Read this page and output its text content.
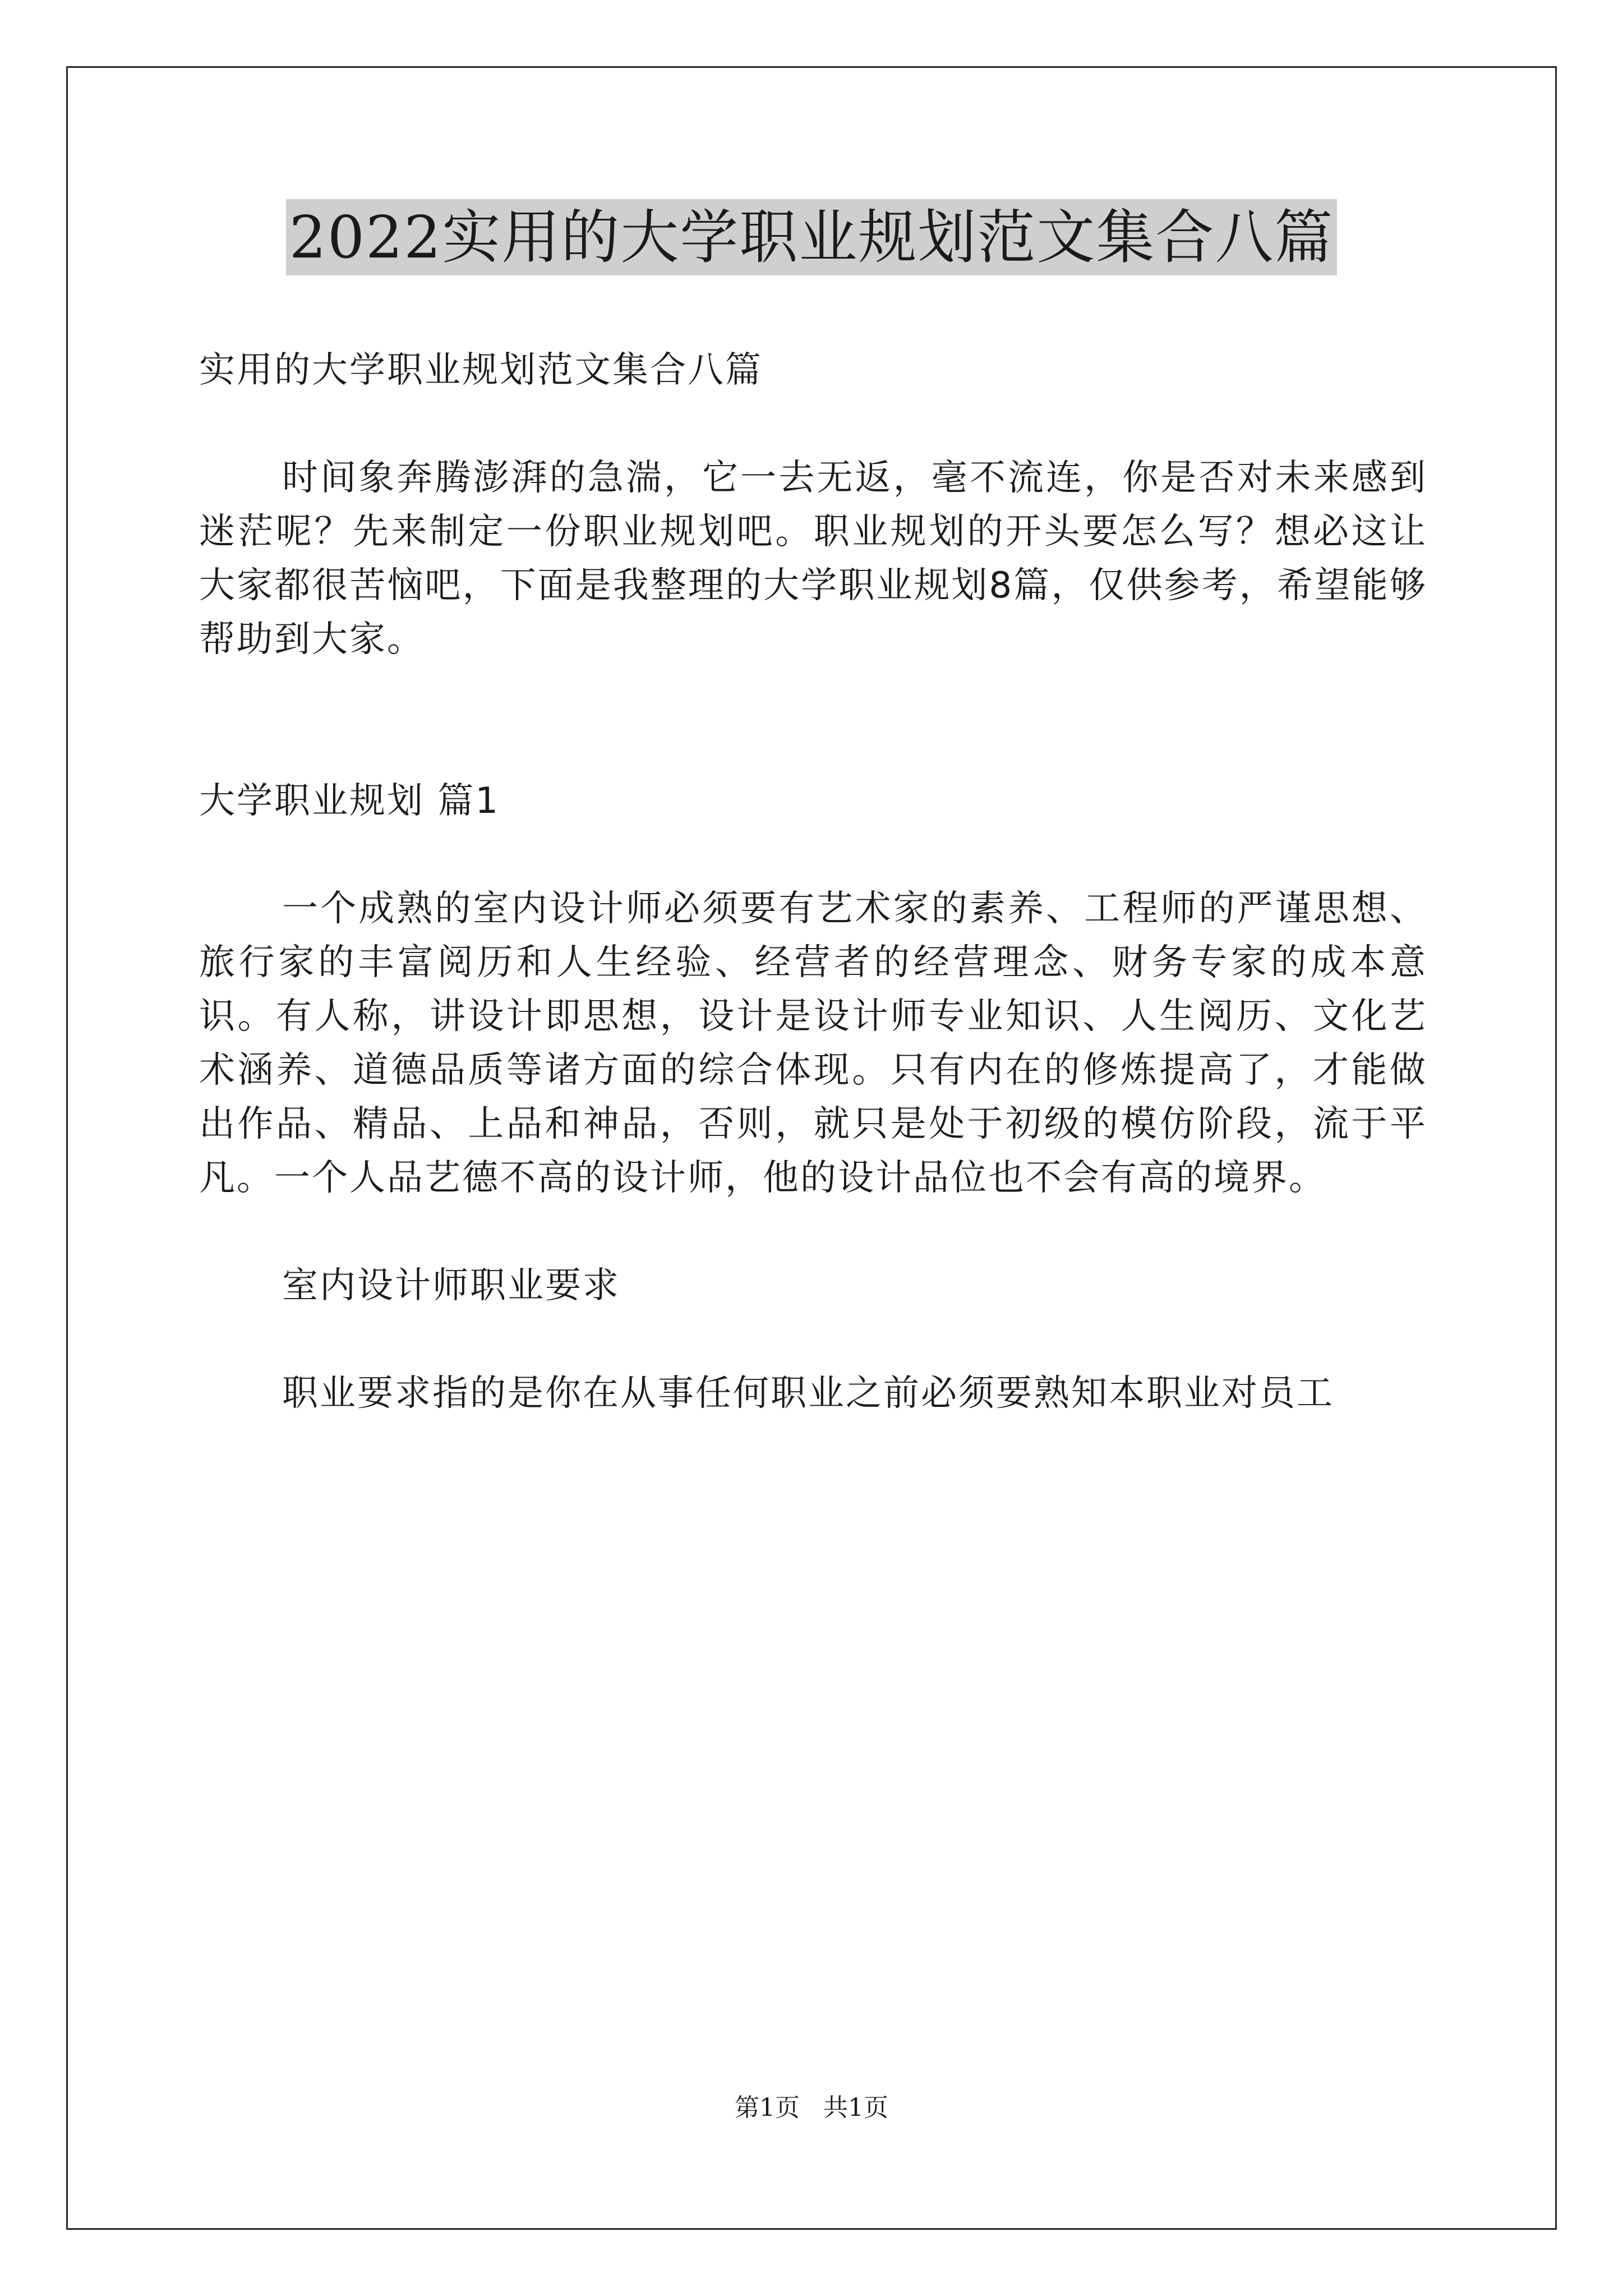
2022实用的大学职业规划范文集合八篇

实用的大学职业规划范文集合八篇

时间象奔腾澎湃的急湍，它一去无返，毫不流连，你是否对未来感到迷茫呢？先来制定一份职业规划吧。职业规划的开头要怎么写？想必这让大家都很苦恼吧，下面是我整理的大学职业规划8篇，仅供参考，希望能够帮助到大家。

大学职业规划 篇1

一个成熟的室内设计师必须要有艺术家的素养、工程师的严谨思想、旅行家的丰富阅历和人生经验、经营者的经营理念、财务专家的成本意识。有人称，讲设计即思想，设计是设计师专业知识、人生阅历、文化艺术涵养、道德品质等诸方面的综合体现。只有内在的修炼提高了，才能做出作品、精品、上品和神品，否则，就只是处于初级的模仿阶段，流于平凡。一个人品艺德不高的设计师，他的设计品位也不会有高的境界。

室内设计师职业要求

职业要求指的是你在从事任何职业之前必须要熟知本职业对员工

第1页 共1页
